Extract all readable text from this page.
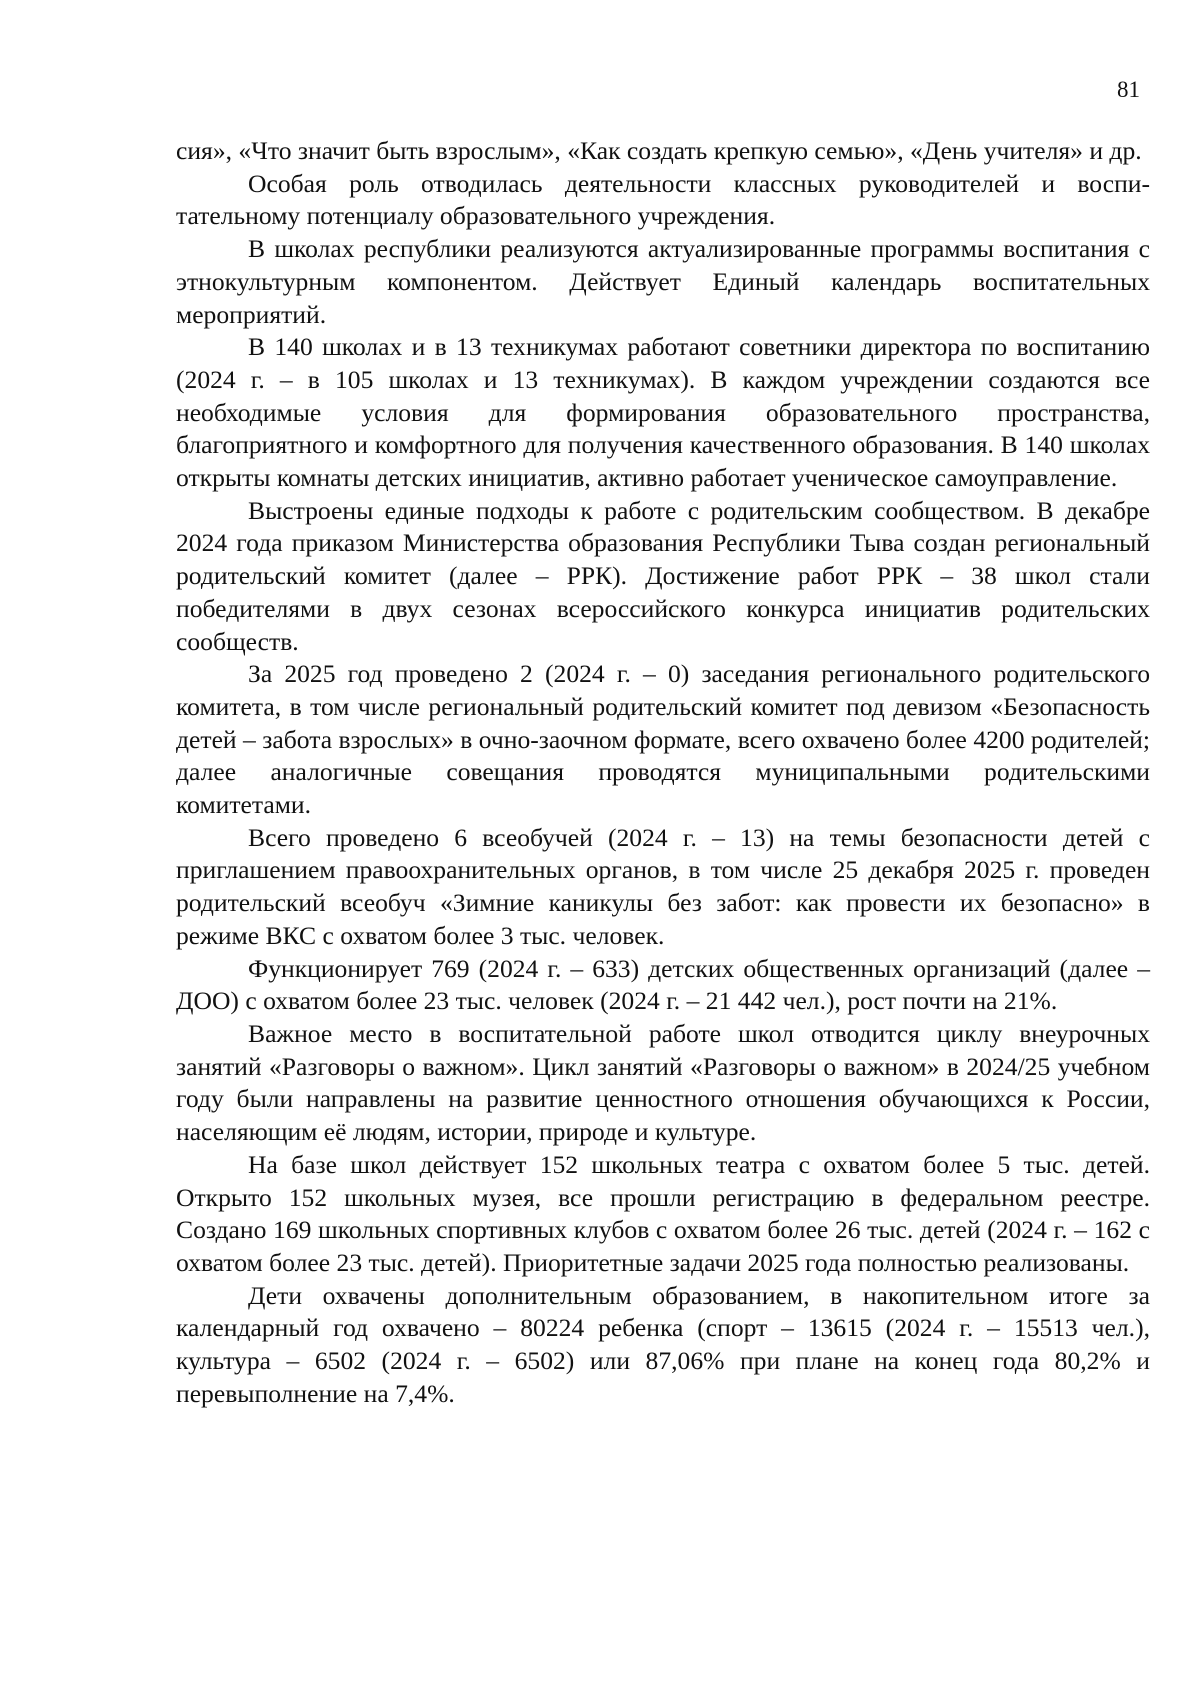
81

сия», «Что значит быть взрослым», «Как создать крепкую семью», «День учителя» и др.

Особая роль отводилась деятельности классных руководителей и воспитательному потенциалу образовательного учреждения.

В школах республики реализуются актуализированные программы воспитания с этнокультурным компонентом. Действует Единый календарь воспитательных мероприятий.

В 140 школах и в 13 техникумах работают советники директора по воспитанию (2024 г. – в 105 школах и 13 техникумах). В каждом учреждении создаются все необходимые условия для формирования образовательного пространства, благоприятного и комфортного для получения качественного образования. В 140 школах открыты комнаты детских инициатив, активно работает ученическое самоуправление.

Выстроены единые подходы к работе с родительским сообществом. В декабре 2024 года приказом Министерства образования Республики Тыва создан региональный родительский комитет (далее – РРК). Достижение работ РРК – 38 школ стали победителями в двух сезонах всероссийского конкурса инициатив родительских сообществ.

За 2025 год проведено 2 (2024 г. – 0) заседания регионального родительского комитета, в том числе региональный родительский комитет под девизом «Безопасность детей – забота взрослых» в очно-заочном формате, всего охвачено более 4200 родителей; далее аналогичные совещания проводятся муниципальными родительскими комитетами.

Всего проведено 6 всеобучей (2024 г. – 13) на темы безопасности детей с приглашением правоохранительных органов, в том числе 25 декабря 2025 г. проведен родительский всеобуч «Зимние каникулы без забот: как провести их безопасно» в режиме ВКС с охватом более 3 тыс. человек.

Функционирует 769 (2024 г. – 633) детских общественных организаций (далее – ДОО) с охватом более 23 тыс. человек (2024 г. – 21 442 чел.), рост почти на 21%.

Важное место в воспитательной работе школ отводится циклу внеурочных занятий «Разговоры о важном». Цикл занятий «Разговоры о важном» в 2024/25 учебном году были направлены на развитие ценностного отношения обучающихся к России, населяющим её людям, истории, природе и культуре.

На базе школ действует 152 школьных театра с охватом более 5 тыс. детей. Открыто 152 школьных музея, все прошли регистрацию в федеральном реестре. Создано 169 школьных спортивных клубов с охватом более 26 тыс. детей (2024 г. – 162 с охватом более 23 тыс. детей). Приоритетные задачи 2025 года полностью реализованы.

Дети охвачены дополнительным образованием, в накопительном итоге за календарный год охвачено – 80224 ребенка (спорт – 13615 (2024 г. – 15513 чел.), культура – 6502 (2024 г. – 6502) или 87,06% при плане на конец года 80,2% и перевыполнение на 7,4%.
